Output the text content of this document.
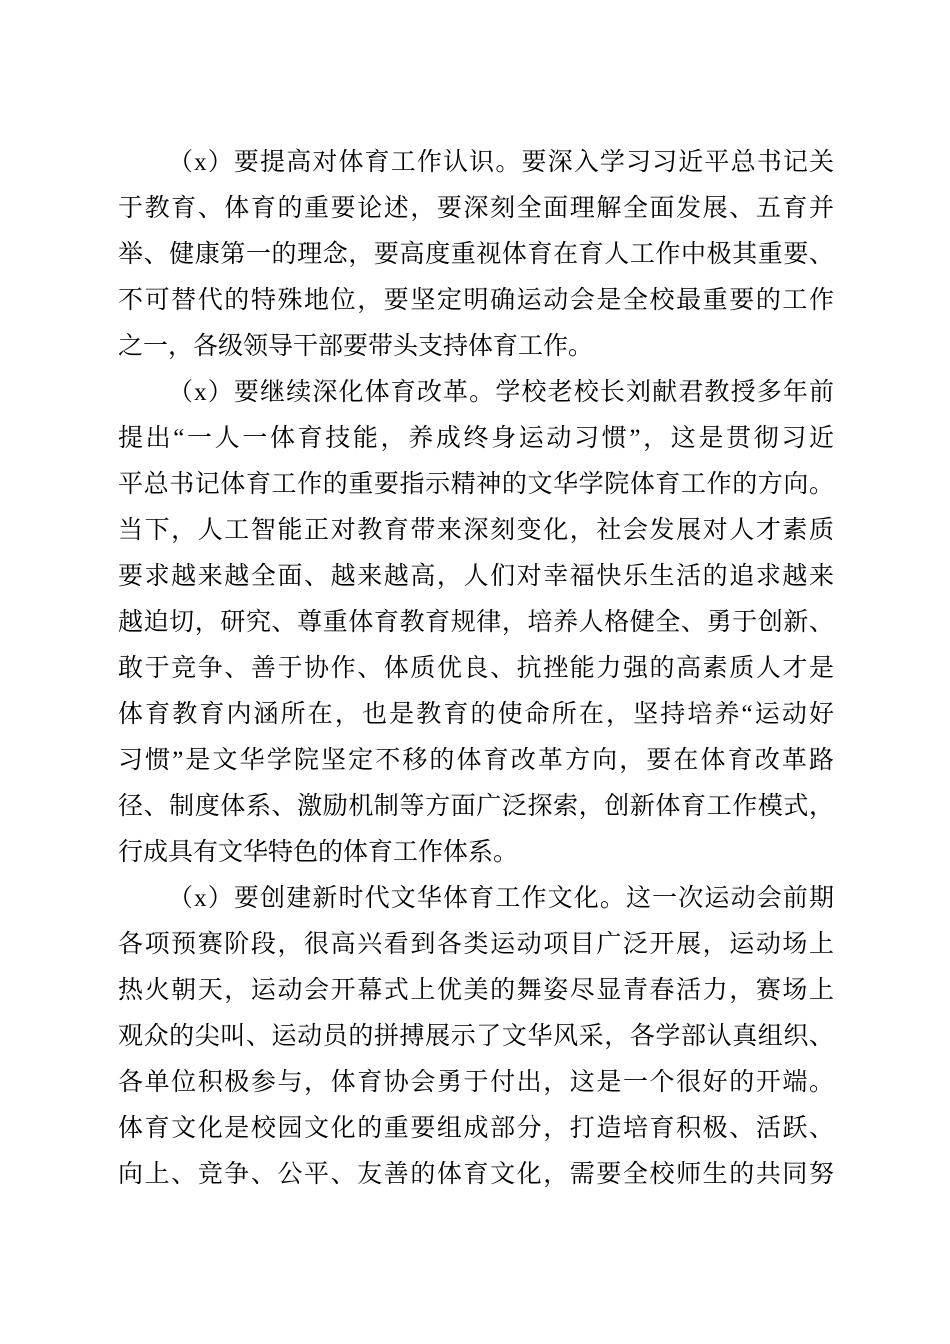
（x）要提高对体育工作认识。要深入学习习近平总书记关
于教育、体育的重要论述，要深刻全面理解全面发展、五育并
举、健康第一的理念，要高度重视体育在育人工作中极其重要、
不可替代的特殊地位，要坚定明确运动会是全校最重要的工作
之一，各级领导干部要带头支持体育工作。
（x）要继续深化体育改革。学校老校长刘献君教授多年前
提出“一人一体育技能，养成终身运动习惯”，这是贯彻习近
平总书记体育工作的重要指示精神的文华学院体育工作的方向。
当下，人工智能正对教育带来深刻变化，社会发展对人才素质
要求越来越全面、越来越高，人们对幸福快乐生活的追求越来
越迫切，研究、尊重体育教育规律，培养人格健全、勇于创新、
敢于竞争、善于协作、体质优良、抗挫能力强的高素质人才是
体育教育内涵所在，也是教育的使命所在，坚持培养“运动好
习惯”是文华学院坚定不移的体育改革方向，要在体育改革路
径、制度体系、激励机制等方面广泛探索，创新体育工作模式，
行成具有文华特色的体育工作体系。
（x）要创建新时代文华体育工作文化。这一次运动会前期
各项预赛阶段，很高兴看到各类运动项目广泛开展，运动场上
热火朝天，运动会开幕式上优美的舞姿尽显青春活力，赛场上
观众的尖叫、运动员的拼搏展示了文华风采，各学部认真组织、
各单位积极参与，体育协会勇于付出，这是一个很好的开端。
体育文化是校园文化的重要组成部分，打造培育积极、活跃、
向上、竞争、公平、友善的体育文化，需要全校师生的共同努
